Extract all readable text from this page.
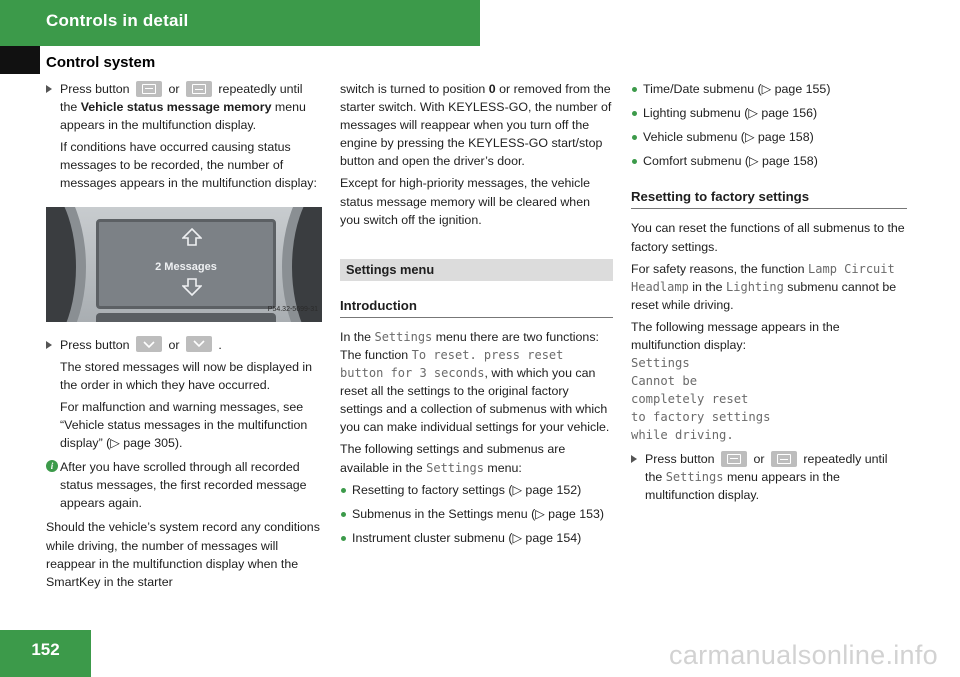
Controls in detail
Control system
Press button	or	repeatedly until the Vehicle status message memory menu appears in the multifunction display.
If conditions have occurred causing status messages to be recorded, the number of messages appears in the multifunction display:
2 Messages
P54.32-5699-31
Press button	or	.
The stored messages will now be displayed in the order in which they have occurred.
For malfunction and warning messages, see “Vehicle status messages in the multifunction display” (▷ page 305).
i After you have scrolled through all recorded status messages, the first recorded message appears again.
Should the vehicle’s system record any conditions while driving, the number of messages will reappear in the multifunction display when the SmartKey in the starter
switch is turned to position 0 or removed from the starter switch. With KEYLESS-GO, the number of messages will reappear when you turn off the engine by pressing the KEYLESS-GO start/stop button and open the driver’s door.
Except for high-priority messages, the vehicle status message memory will be cleared when you switch off the ignition.
Settings menu
Introduction
In the Settings menu there are two functions: The function To reset. press reset button for 3 seconds, with which you can reset all the settings to the original factory settings and a collection of submenus with which you can make individual settings for your vehicle.
The following settings and submenus are available in the Settings menu:
Resetting to factory settings (▷ page 152)
Submenus in the Settings menu (▷ page 153)
Instrument cluster submenu (▷ page 154)
Time/Date submenu (▷ page 155)
Lighting submenu (▷ page 156)
Vehicle submenu (▷ page 158)
Comfort submenu (▷ page 158)
Resetting to factory settings
You can reset the functions of all submenus to the factory settings.
For safety reasons, the function Lamp Circuit Headlamp in the Lighting submenu cannot be reset while driving.
The following message appears in the multifunction display:
Settings
Cannot be
completely reset
to factory settings
while driving.
Press button	or	repeatedly until the Settings menu appears in the multifunction display.
152	carmanualsonline.info
